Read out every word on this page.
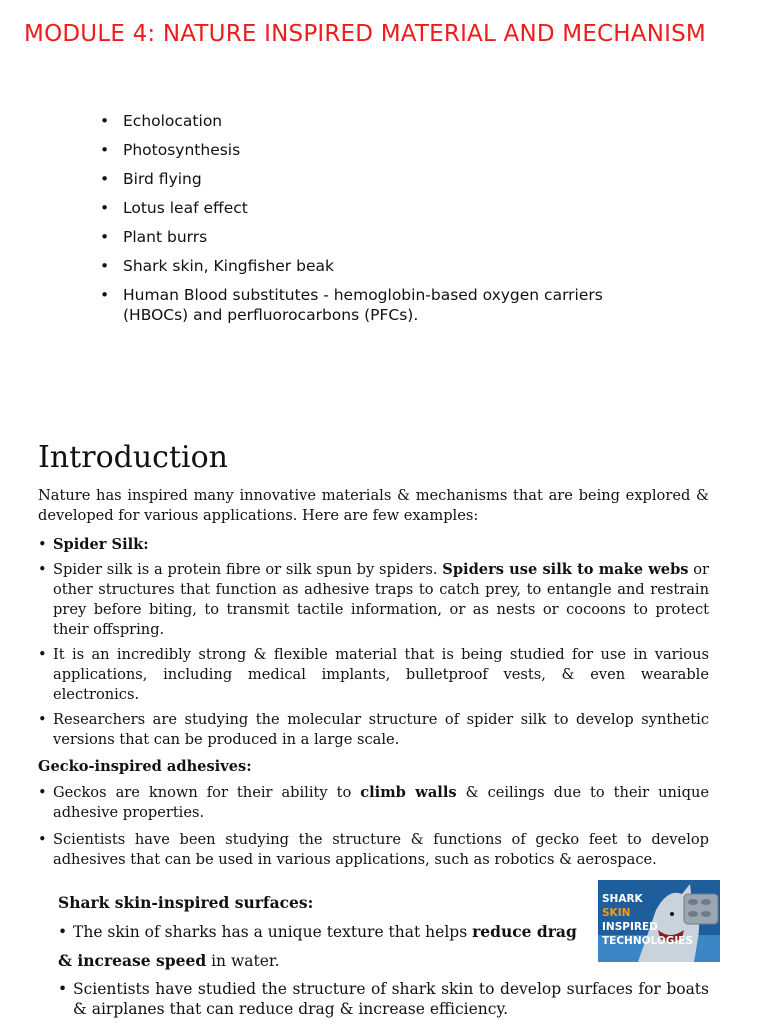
MODULE 4: NATURE INSPIRED MATERIAL AND MECHANISM
• Echolocation
• Photosynthesis
• Bird flying
• Lotus leaf effect
• Plant burrs
• Shark skin, Kingfisher beak
• Human Blood substitutes - hemoglobin-based oxygen carriers (HBOCs) and perfluorocarbons (PFCs).
Introduction

Nature has inspired many innovative materials & mechanisms that are being explored & developed for various applications. Here are few examples:

• Spider Silk:
• Spider silk is a protein fibre or silk spun by spiders. Spiders use silk to make webs or other structures that function as adhesive traps to catch prey, to entangle and restrain prey before biting, to transmit tactile information, or as nests or cocoons to protect their offspring.
• It is an incredibly strong & flexible material that is being studied for use in various applications, including medical implants, bulletproof vests, & even wearable electronics.
• Researchers are studying the molecular structure of spider silk to develop synthetic versions that can be produced in a large scale.

Gecko-inspired adhesives:

• Geckos are known for their ability to climb walls & ceilings due to their unique adhesive properties.
• Scientists have been studying the structure & functions of gecko feet to develop adhesives that can be used in various applications, such as robotics & aerospace.

Shark skin-inspired surfaces:

• The skin of sharks has a unique texture that helps reduce drag
& increase speed in water.
• Scientists have studied the structure of shark skin to develop surfaces for boats & airplanes that can reduce drag & increase efficiency.
SHARK
SKIN
INSPIRED
TECHNOLOGIES
